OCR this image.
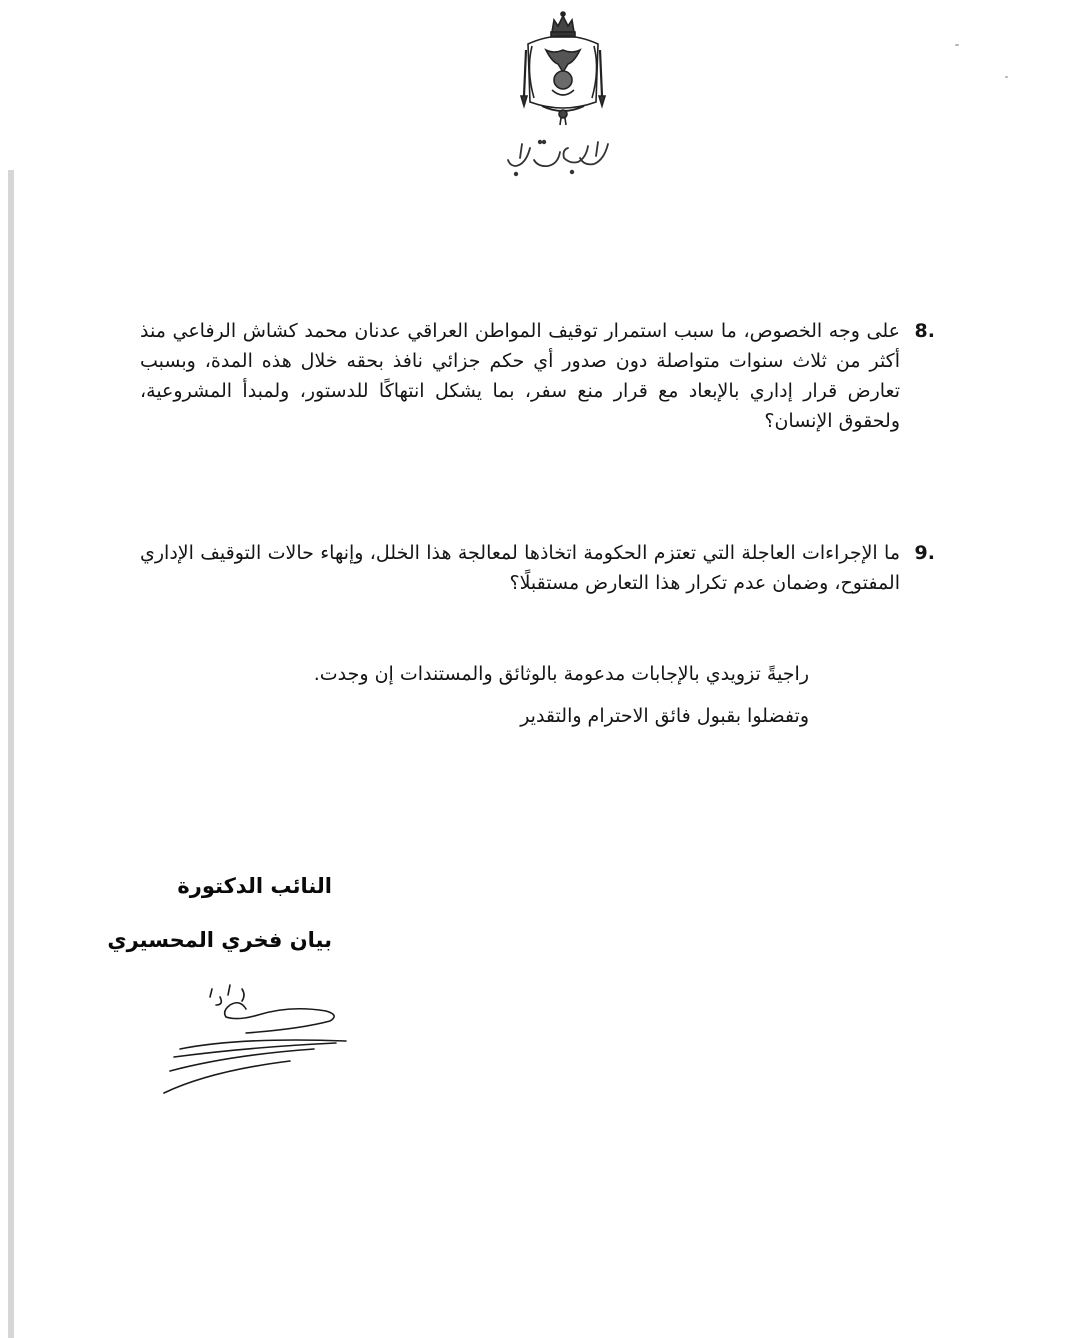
8.
على وجه الخصوص، ما سبب استمرار توقيف المواطن العراقي عدنان محمد كشاش الرفاعي منذ أكثر من ثلاث سنوات متواصلة دون صدور أي حكم جزائي نافذ بحقه خلال هذه المدة، وبسبب تعارض قرار إداري بالإبعاد مع قرار منع سفر، بما يشكل انتهاكًا للدستور، ولمبدأ المشروعية، ولحقوق الإنسان؟
9.
ما الإجراءات العاجلة التي تعتزم الحكومة اتخاذها لمعالجة هذا الخلل، وإنهاء حالات التوقيف الإداري المفتوح، وضمان عدم تكرار هذا التعارض مستقبلًا؟
راجيةً تزويدي بالإجابات مدعومة بالوثائق والمستندات إن وجدت.
وتفضلوا بقبول فائق الاحترام والتقدير
النائب الدكتورة
بيان فخري المحسيري
